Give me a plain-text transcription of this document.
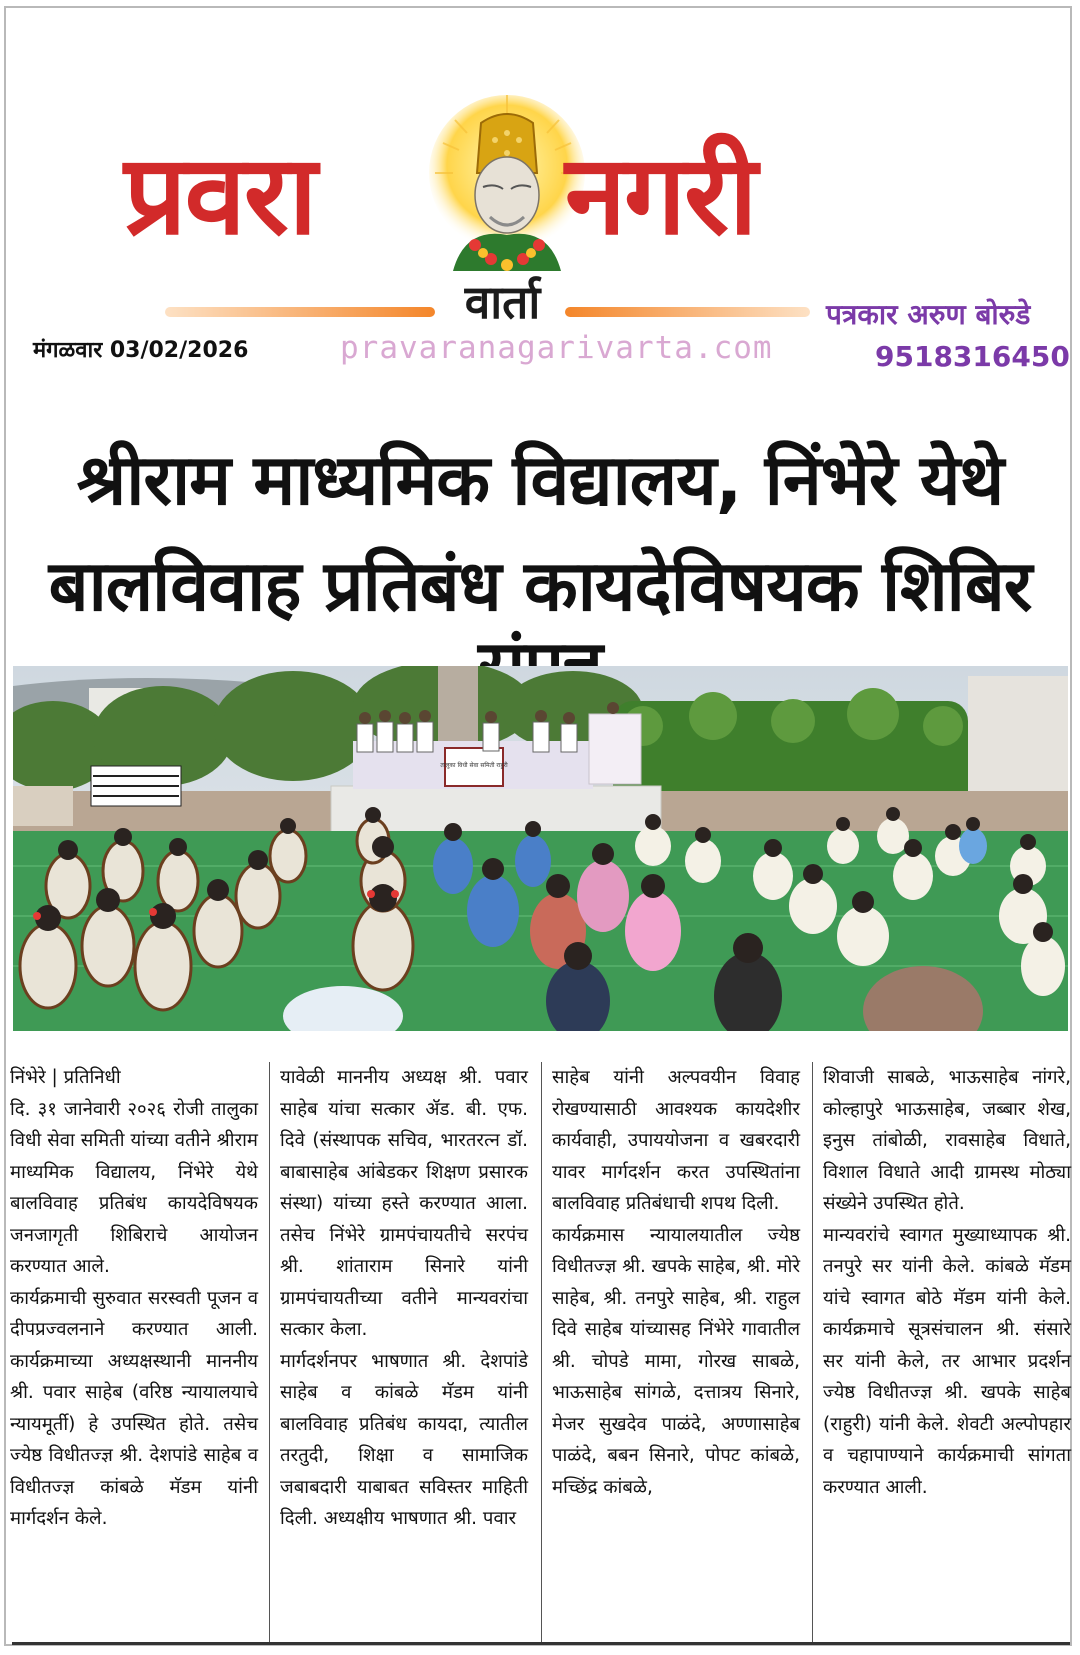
प्रवरा नगरी
वार्ता
मंगळवार 03/02/2026	pravaranagarivarta.com
पत्रकार अरुण बोरुडे
9518316450
श्रीराम माध्यमिक विद्यालय, निंभेरे येथे
बालविवाह प्रतिबंध कायदेविषयक शिबिर
तालुका विधी सेवा समिती राहुरी

निंभेरे | प्रतिनिधी

दि. ३१ जानेवारी २०२६ रोजी तालुका विधी सेवा समिती यांच्या वतीने श्रीराम माध्यमिक विद्यालय, निंभेरे येथे बालविवाह प्रतिबंध कायदेविषयक जनजागृती शिबिराचे आयोजन करण्यात आले.

कार्यक्रमाची सुरुवात सरस्वती पूजन व दीपप्रज्वलनाने करण्यात आली. कार्यक्रमाच्या अध्यक्षस्थानी माननीय श्री. पवार साहेब (वरिष्ठ न्यायालयाचे न्यायमूर्ती) हे उपस्थित होते. तसेच ज्येष्ठ विधीतज्ज्ञ श्री. देशपांडे साहेब व विधीतज्ज्ञ कांबळे मॅडम यांनी मार्गदर्शन केले.

यावेळी माननीय अध्यक्ष श्री. पवार साहेब यांचा सत्कार ॲड. बी. एफ. दिवे (संस्थापक सचिव, भारतरत्न डॉ. बाबासाहेब आंबेडकर शिक्षण प्रसारक संस्था) यांच्या हस्ते करण्यात आला. तसेच निंभेरे ग्रामपंचायतीचे सरपंच श्री. शांताराम सिनारे यांनी ग्रामपंचायतीच्या वतीने मान्यवरांचा सत्कार केला.

मार्गदर्शनपर भाषणात श्री. देशपांडे साहेब व कांबळे मॅडम यांनी बालविवाह प्रतिबंध कायदा, त्यातील तरतुदी, शिक्षा व सामाजिक जबाबदारी याबाबत सविस्तर माहिती दिली. अध्यक्षीय भाषणात श्री. पवार

साहेब यांनी अल्पवयीन विवाह रोखण्यासाठी आवश्यक कायदेशीर कार्यवाही, उपाययोजना व खबरदारी यावर मार्गदर्शन करत उपस्थितांना बालविवाह प्रतिबंधाची शपथ दिली.

कार्यक्रमास न्यायालयातील ज्येष्ठ विधीतज्ज्ञ श्री. खपके साहेब, श्री. मोरे साहेब, श्री. तनपुरे साहेब, श्री. राहुल दिवे साहेब यांच्यासह निंभेरे गावातील श्री. चोपडे मामा, गोरख साबळे, भाऊसाहेब सांगळे, दत्तात्रय सिनारे, मेजर सुखदेव पाळंदे, अण्णासाहेब पाळंदे, बबन सिनारे, पोपट कांबळे, मच्छिंद्र कांबळे,

शिवाजी साबळे, भाऊसाहेब नांगरे, कोल्हापुरे भाऊसाहेब, जब्बार शेख, इनुस तांबोळी, रावसाहेब विधाते, विशाल विधाते आदी ग्रामस्थ मोठ्या संख्येने उपस्थित होते.

मान्यवरांचे स्वागत मुख्याध्यापक श्री. तनपुरे सर यांनी केले. कांबळे मॅडम यांचे स्वागत बोठे मॅडम यांनी केले. कार्यक्रमाचे सूत्रसंचालन श्री. संसारे सर यांनी केले, तर आभार प्रदर्शन ज्येष्ठ विधीतज्ज्ञ श्री. खपके साहेब (राहुरी) यांनी केले. शेवटी अल्पोपहार व चहापाण्याने कार्यक्रमाची सांगता करण्यात आली.
